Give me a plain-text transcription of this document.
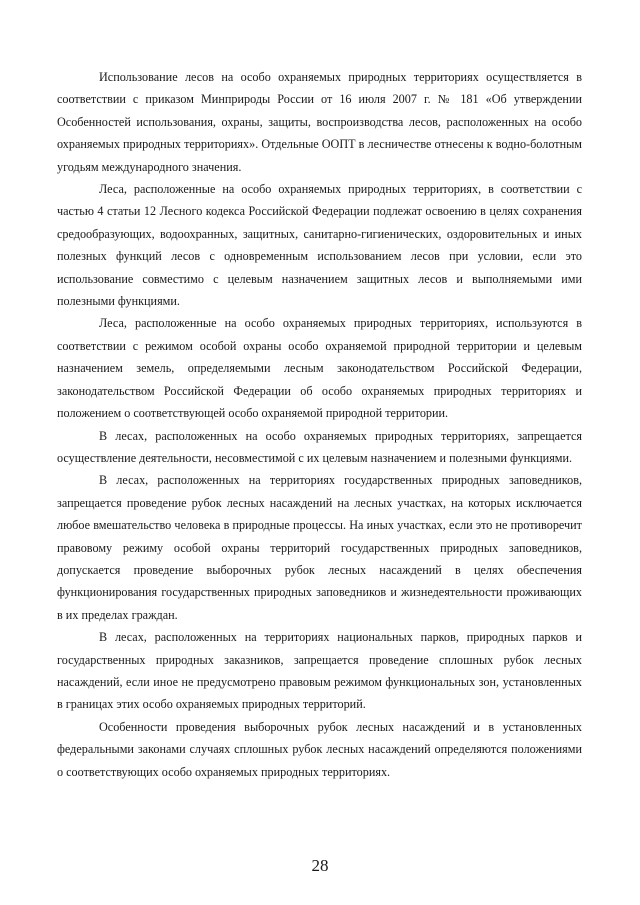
Использование лесов на особо охраняемых природных территориях осуществляется в соответствии с приказом Минприроды России от 16 июля 2007 г. № 181 «Об утверждении Особенностей использования, охраны, защиты, воспроизводства лесов, расположенных на особо охраняемых природных территориях». Отдельные ООПТ в лесничестве отнесены к водно-болотным угодьям международного значения.

Леса, расположенные на особо охраняемых природных территориях, в соответствии с частью 4 статьи 12 Лесного кодекса Российской Федерации подлежат освоению в целях сохранения средообразующих, водоохранных, защитных, санитарно-гигиенических, оздоровительных и иных полезных функций лесов с одновременным использованием лесов при условии, если это использование совместимо с целевым назначением защитных лесов и выполняемыми ими полезными функциями.

Леса, расположенные на особо охраняемых природных территориях, используются в соответствии с режимом особой охраны особо охраняемой природной территории и целевым назначением земель, определяемыми лесным законодательством Российской Федерации, законодательством Российской Федерации об особо охраняемых природных территориях и положением о соответствующей особо охраняемой природной территории.

В лесах, расположенных на особо охраняемых природных территориях, запрещается осуществление деятельности, несовместимой с их целевым назначением и полезными функциями.

В лесах, расположенных на территориях государственных природных заповедников, запрещается проведение рубок лесных насаждений на лесных участках, на которых исключается любое вмешательство человека в природные процессы. На иных участках, если это не противоречит правовому режиму особой охраны территорий государственных природных заповедников, допускается проведение выборочных рубок лесных насаждений в целях обеспечения функционирования государственных природных заповедников и жизнедеятельности проживающих в их пределах граждан.

В лесах, расположенных на территориях национальных парков, природных парков и государственных природных заказников, запрещается проведение сплошных рубок лесных насаждений, если иное не предусмотрено правовым режимом функциональных зон, установленных в границах этих особо охраняемых природных территорий.

Особенности проведения выборочных рубок лесных насаждений и в установленных федеральными законами случаях сплошных рубок лесных насаждений определяются положениями о соответствующих особо охраняемых природных территориях.

28
